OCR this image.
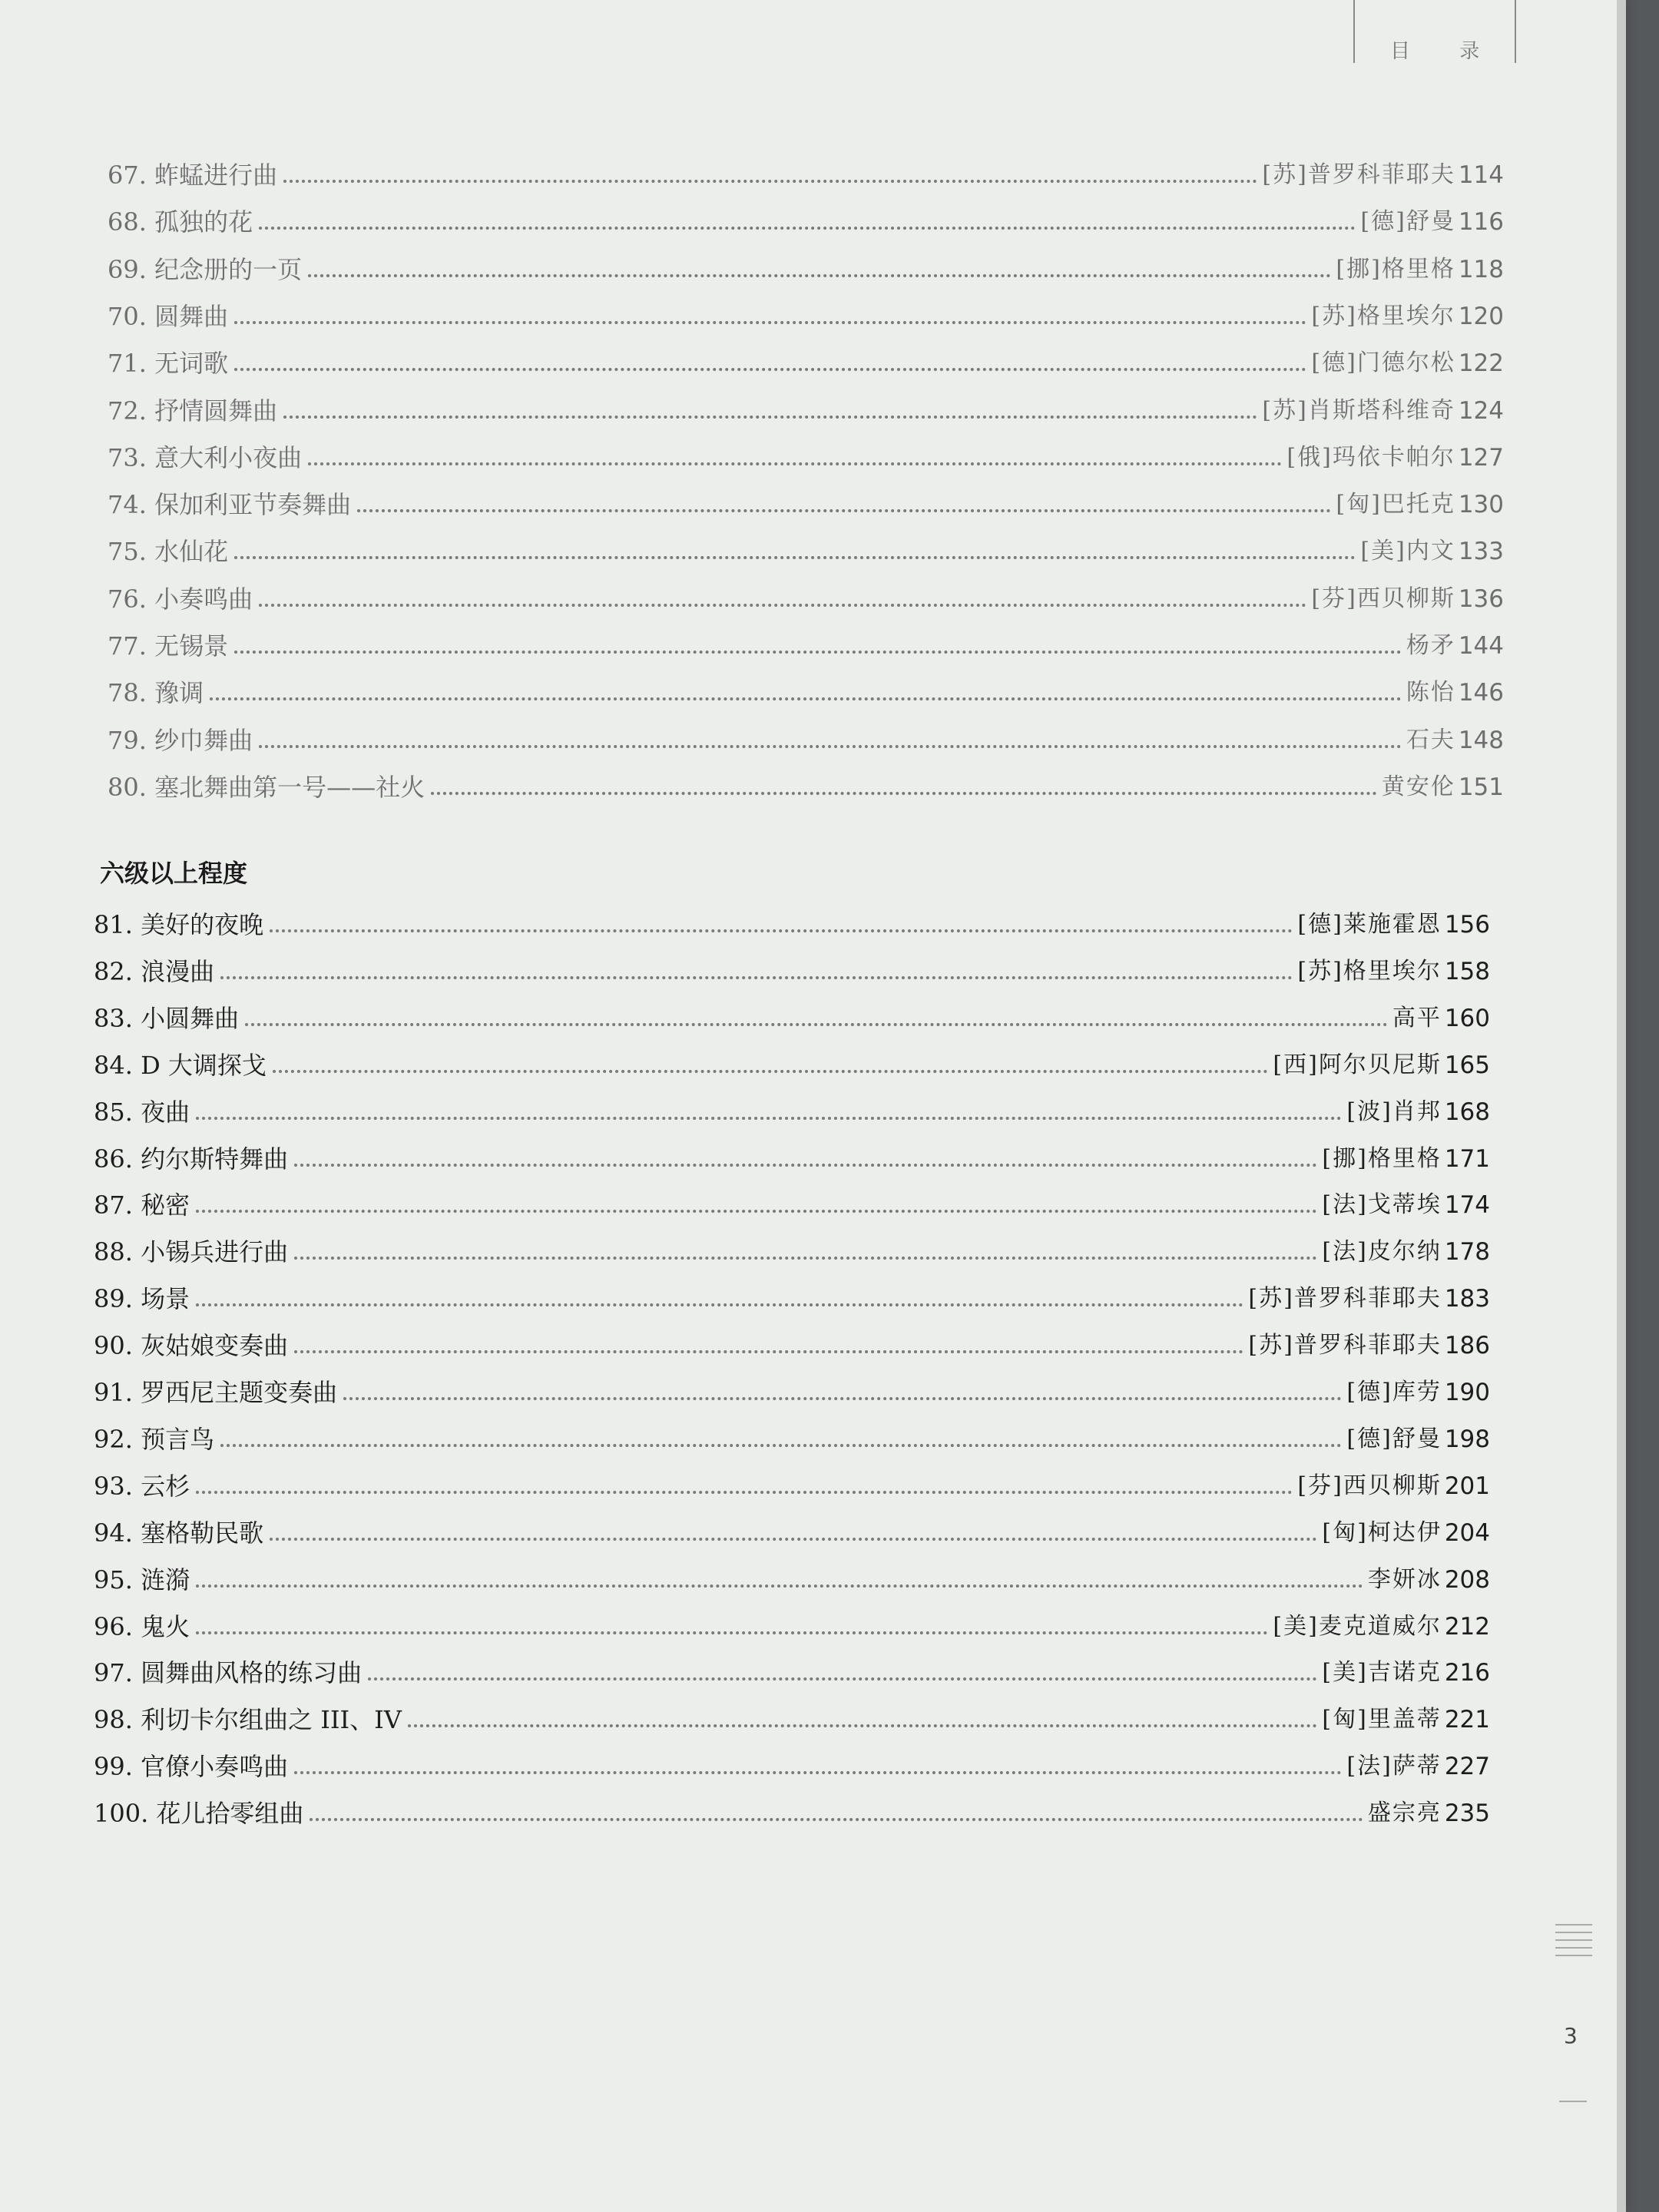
目 录
67. 蚱蜢进行曲	[苏]普罗科菲耶夫 114
68. 孤独的花	[德]舒曼 116
69. 纪念册的一页	[挪]格里格 118
70. 圆舞曲	[苏]格里埃尔 120
71. 无词歌	[德]门德尔松 122
72. 抒情圆舞曲	[苏]肖斯塔科维奇 124
73. 意大利小夜曲	[俄]玛依卡帕尔 127
74. 保加利亚节奏舞曲	[匈]巴托克 130
75. 水仙花	[美]内文 133
76. 小奏鸣曲	[芬]西贝柳斯 136
77. 无锡景	杨矛 144
78. 豫调	陈怡 146
79. 纱巾舞曲	石夫 148
80. 塞北舞曲第一号——社火	黄安伦 151
六级以上程度
81. 美好的夜晚	[德]莱施霍恩 156
82. 浪漫曲	[苏]格里埃尔 158
83. 小圆舞曲	高平 160
84. D 大调探戈	[西]阿尔贝尼斯 165
85. 夜曲	[波]肖邦 168
86. 约尔斯特舞曲	[挪]格里格 171
87. 秘密	[法]戈蒂埃 174
88. 小锡兵进行曲	[法]皮尔纳 178
89. 场景	[苏]普罗科菲耶夫 183
90. 灰姑娘变奏曲	[苏]普罗科菲耶夫 186
91. 罗西尼主题变奏曲	[德]库劳 190
92. 预言鸟	[德]舒曼 198
93. 云杉	[芬]西贝柳斯 201
94. 塞格勒民歌	[匈]柯达伊 204
95. 涟漪	李妍冰 208
96. 鬼火	[美]麦克道威尔 212
97. 圆舞曲风格的练习曲	[美]吉诺克 216
98. 利切卡尔组曲之 III、IV	[匈]里盖蒂 221
99. 官僚小奏鸣曲	[法]萨蒂 227
100. 花儿拾零组曲	盛宗亮 235
3
